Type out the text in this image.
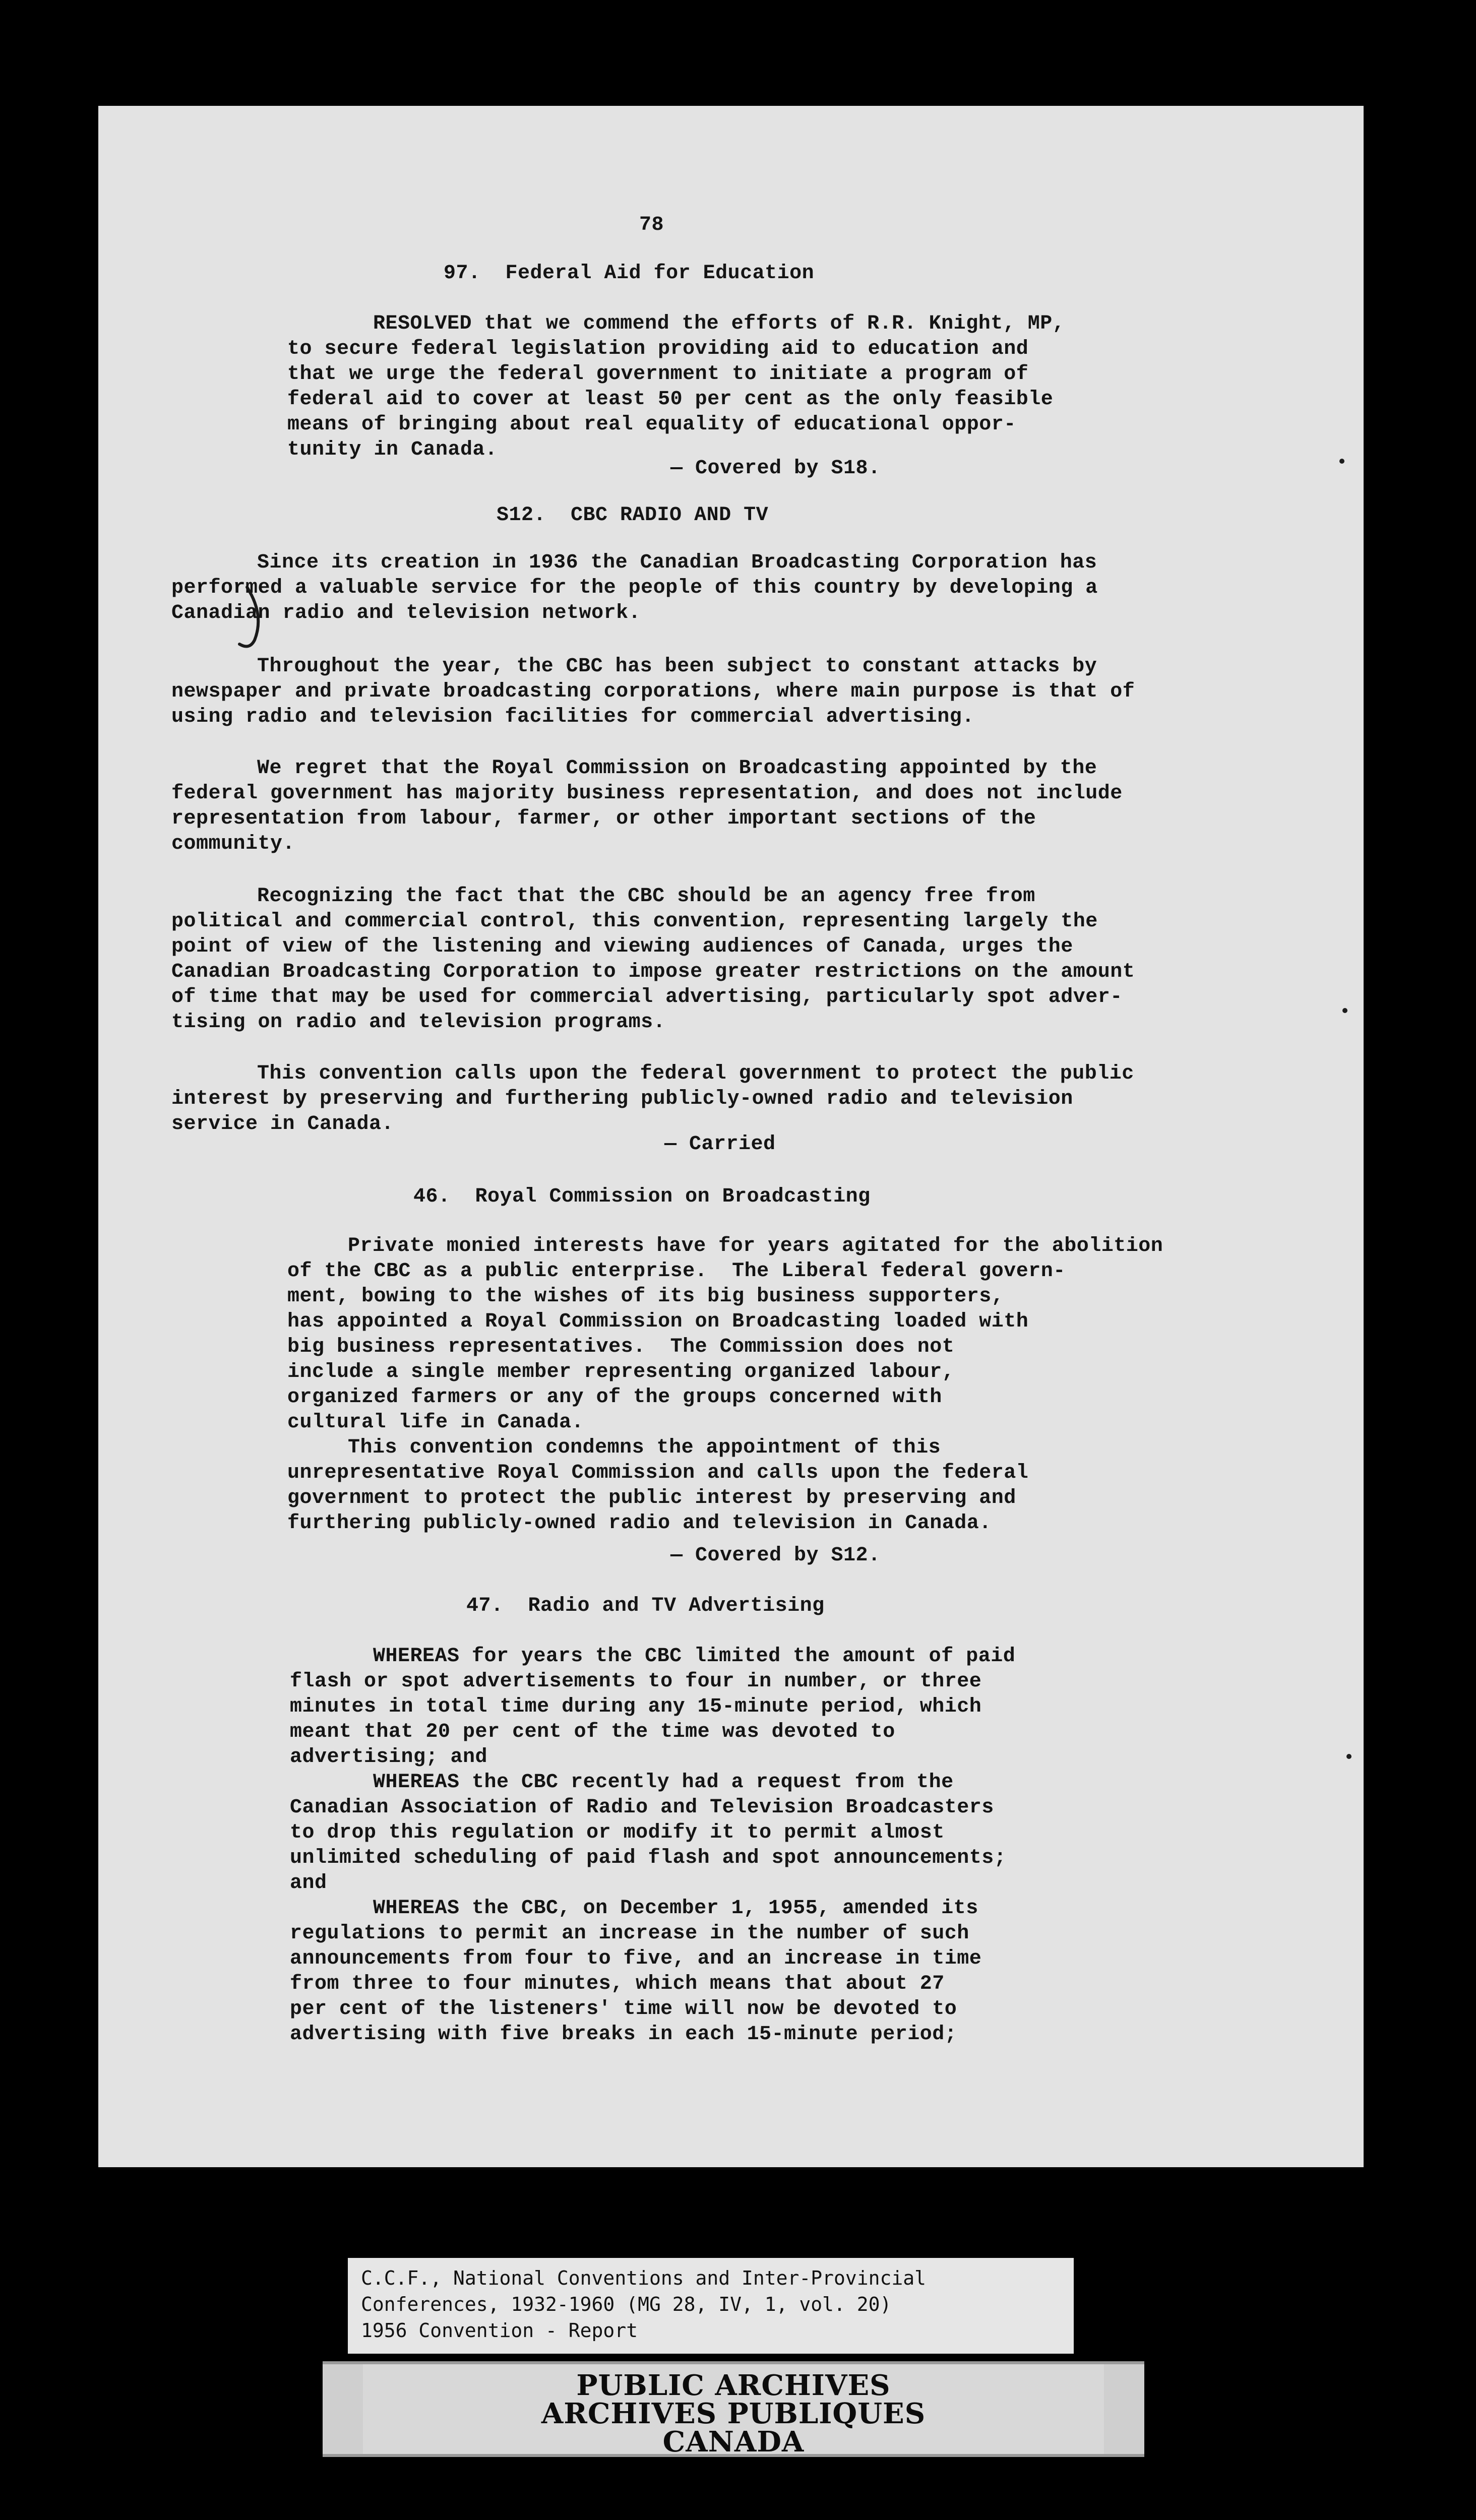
78

97.  Federal Aid for Education

RESOLVED that we commend the efforts of R.R. Knight, MP,

to secure federal legislation providing aid to education and

that we urge the federal government to initiate a program of

federal aid to cover at least 50 per cent as the only feasible

means of bringing about real equality of educational oppor-

tunity in Canada.

— Covered by S18.

S12.  CBC RADIO AND TV

Since its creation in 1936 the Canadian Broadcasting Corporation has

performed a valuable service for the people of this country by developing a

Canadian radio and television network.

Throughout the year, the CBC has been subject to constant attacks by

newspaper and private broadcasting corporations, where main purpose is that of

using radio and television facilities for commercial advertising.

We regret that the Royal Commission on Broadcasting appointed by the

federal government has majority business representation, and does not include

representation from labour, farmer, or other important sections of the

community.

Recognizing the fact that the CBC should be an agency free from

political and commercial control, this convention, representing largely the

point of view of the listening and viewing audiences of Canada, urges the

Canadian Broadcasting Corporation to impose greater restrictions on the amount

of time that may be used for commercial advertising, particularly spot adver-

tising on radio and television programs.

This convention calls upon the federal government to protect the public

interest by preserving and furthering publicly-owned radio and television

service in Canada.

— Carried

46.  Royal Commission on Broadcasting

Private monied interests have for years agitated for the abolition

of the CBC as a public enterprise.  The Liberal federal govern-

ment, bowing to the wishes of its big business supporters,

has appointed a Royal Commission on Broadcasting loaded with

big business representatives.  The Commission does not

include a single member representing organized labour,

organized farmers or any of the groups concerned with

cultural life in Canada.

This convention condemns the appointment of this

unrepresentative Royal Commission and calls upon the federal

government to protect the public interest by preserving and

furthering publicly-owned radio and television in Canada.

— Covered by S12.

47.  Radio and TV Advertising

WHEREAS for years the CBC limited the amount of paid

flash or spot advertisements to four in number, or three

minutes in total time during any 15-minute period, which

meant that 20 per cent of the time was devoted to

advertising; and

WHEREAS the CBC recently had a request from the

Canadian Association of Radio and Television Broadcasters

to drop this regulation or modify it to permit almost

unlimited scheduling of paid flash and spot announcements;

and

WHEREAS the CBC, on December 1, 1955, amended its

regulations to permit an increase in the number of such

announcements from four to five, and an increase in time

from three to four minutes, which means that about 27

per cent of the listeners' time will now be devoted to

advertising with five breaks in each 15-minute period;

C.C.F., National Conventions and Inter-Provincial
Conferences, 1932-1960 (MG 28, IV, 1, vol. 20)
1956 Convention - Report
PUBLIC ARCHIVES
ARCHIVES PUBLIQUES
CANADA
